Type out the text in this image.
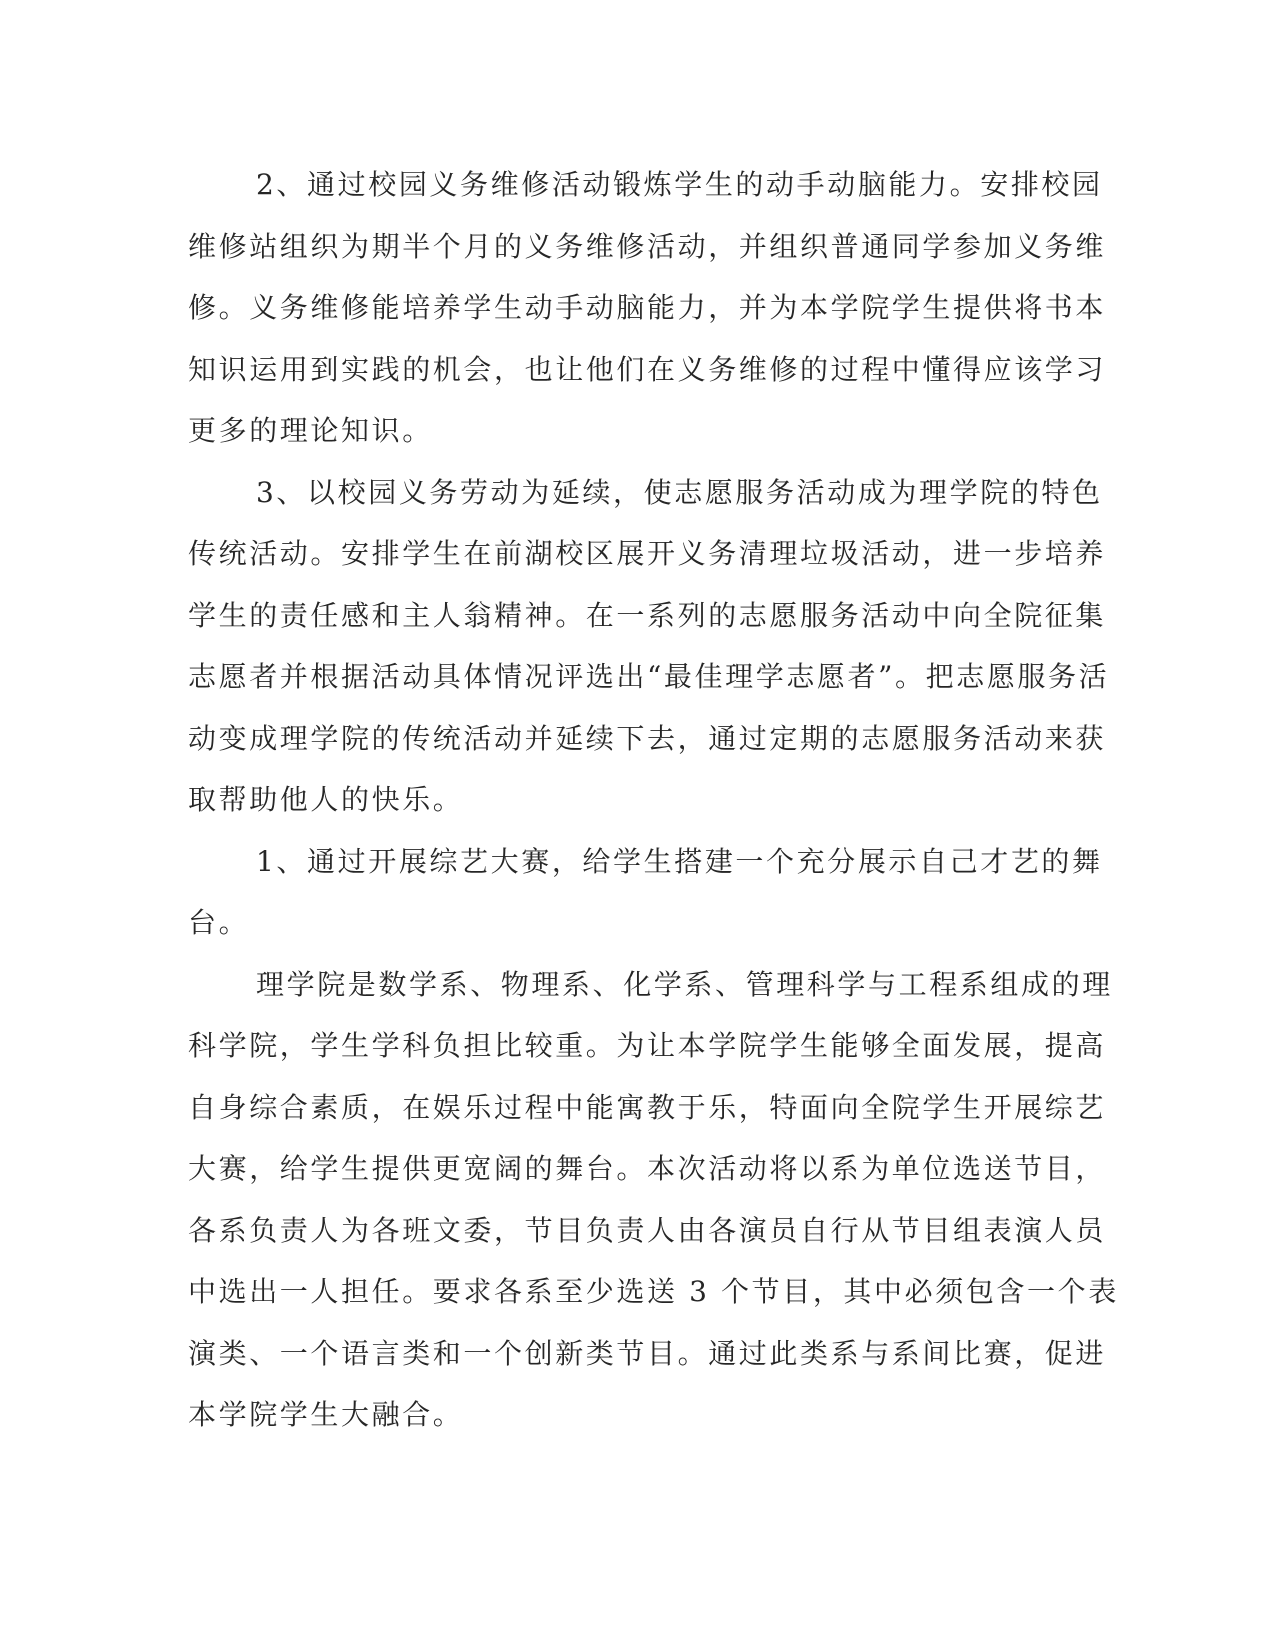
2、通过校园义务维修活动锻炼学生的动手动脑能力。安排校园
维修站组织为期半个月的义务维修活动，并组织普通同学参加义务维
修。义务维修能培养学生动手动脑能力，并为本学院学生提供将书本
知识运用到实践的机会，也让他们在义务维修的过程中懂得应该学习
更多的理论知识。
3、以校园义务劳动为延续，使志愿服务活动成为理学院的特色
传统活动。安排学生在前湖校区展开义务清理垃圾活动，进一步培养
学生的责任感和主人翁精神。在一系列的志愿服务活动中向全院征集
志愿者并根据活动具体情况评选出“最佳理学志愿者”。把志愿服务活
动变成理学院的传统活动并延续下去，通过定期的志愿服务活动来获
取帮助他人的快乐。
1、通过开展综艺大赛，给学生搭建一个充分展示自己才艺的舞
台。
理学院是数学系、物理系、化学系、管理科学与工程系组成的理
科学院，学生学科负担比较重。为让本学院学生能够全面发展，提高
自身综合素质，在娱乐过程中能寓教于乐，特面向全院学生开展综艺
大赛，给学生提供更宽阔的舞台。本次活动将以系为单位选送节目，
各系负责人为各班文委，节目负责人由各演员自行从节目组表演人员
中选出一人担任。要求各系至少选送 3 个节目，其中必须包含一个表
演类、一个语言类和一个创新类节目。通过此类系与系间比赛，促进
本学院学生大融合。
